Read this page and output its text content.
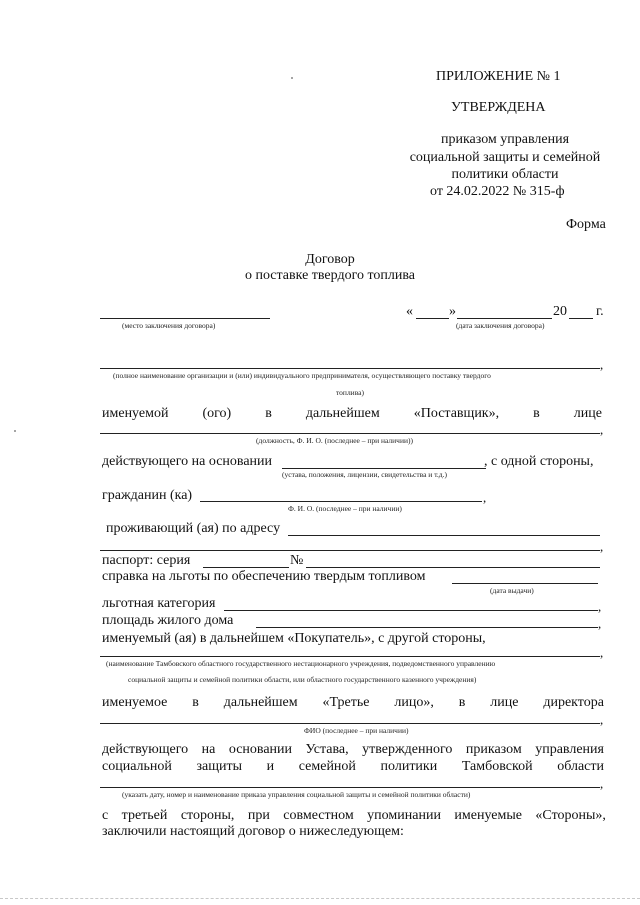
ПРИЛОЖЕНИЕ № 1
УТВЕРЖДЕНА
приказом управления
социальной защиты и семейной
политики области
от 24.02.2022 № 315-ф
Форма
Договор
о поставке твердого топлива
(место заключения договора)
«	»	20 г.
(дата заключения договора)
,
(полное наименование организации и (или) индивидуального предпринимателя, осуществляющего поставку твердого
топлива)
именуемой (ого) в дальнейшем «Поставщик», в лице
,
(должность, Ф. И. О. (последнее – при наличии))
действующего на основании	, с одной стороны,
(устава, положения, лицензии, свидетельства и т.д.)
гражданин (ка)	,
Ф. И. О. (последнее – при наличии)
проживающий (ая) по адресу
,
паспорт: серия	№
справка на льготы по обеспечению твердым топливом
(дата выдачи)
льготная категория	,
площадь жилого дома	,
именуемый (ая) в дальнейшем «Покупатель», с другой стороны,
,
(наименование Тамбовского областного государственного нестационарного учреждения, подведомственного управлению
социальной защиты и семейной политики области, или областного государственного казенного учреждения)
именуемое в дальнейшем «Третье лицо», в лице директора
,
ФИО (последнее – при наличии)
действующего на основании Устава, утвержденного приказом управления
социальной защиты и семейной политики Тамбовской области
,
(указать дату, номер и наименование приказа управления социальной защиты и семейной политики области)
с третьей стороны, при совместном упоминании именуемые «Стороны»,
заключили настоящий договор о нижеследующем:
